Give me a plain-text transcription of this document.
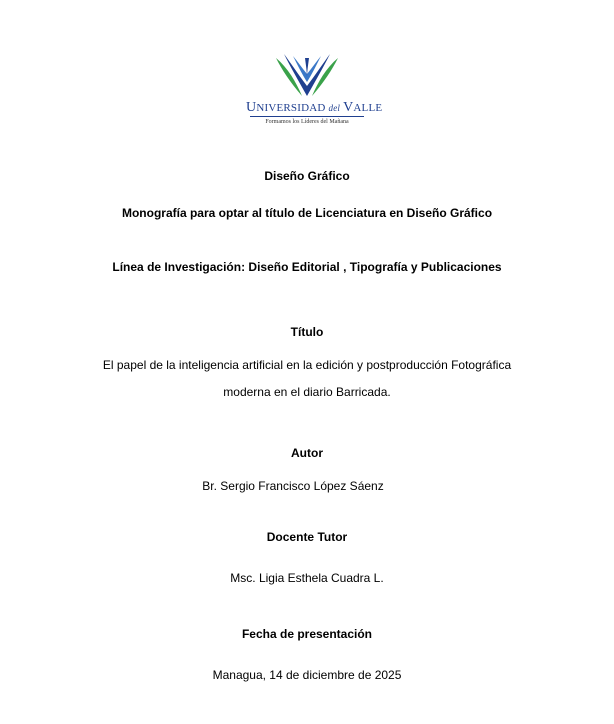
UNIVERSIDAD del VALLE
Formamos los Líderes del Mañana
Diseño Gráfico
Monografía para optar al título de Licenciatura en Diseño Gráfico
Línea de Investigación: Diseño Editorial , Tipografía y Publicaciones
Título
El papel de la inteligencia artificial en la edición y postproducción Fotográfica
moderna en el diario Barricada.
Autor
Br. Sergio Francisco López Sáenz
Docente Tutor
Msc. Ligia Esthela Cuadra L.
Fecha de presentación
Managua, 14 de diciembre de 2025
